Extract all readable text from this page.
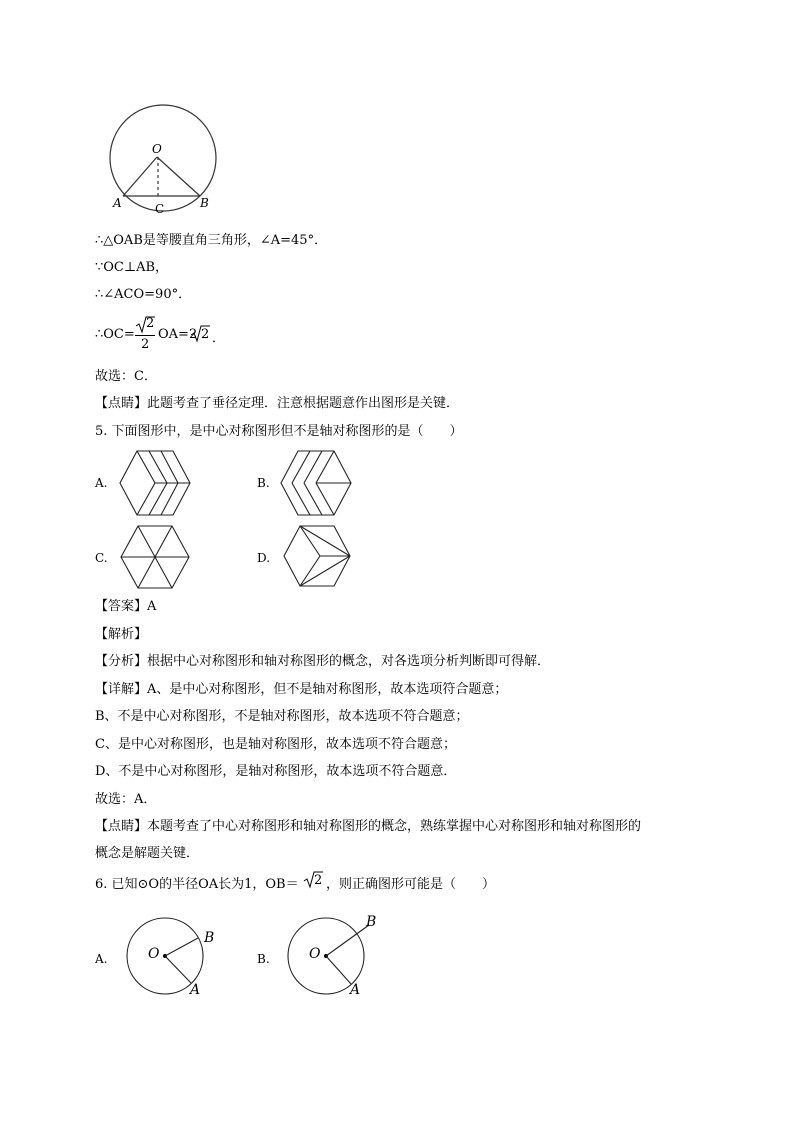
O
A	B
C
∴△OAB是等腰直角三角形，∠A=45°．
∵OC⊥AB，
∴∠ACO=90°．
∴OC=
2
2
OA=2 2 ．
故选：C．
【点睛】此题考查了垂径定理．注意根据题意作出图形是关键．
5. 下面图形中，是中心对称图形但不是轴对称图形的是（　　）
A.	B.
C.	D.
【答案】A
【解析】
【分析】根据中心对称图形和轴对称图形的概念，对各选项分析判断即可得解．
【详解】A、是中心对称图形，但不是轴对称图形，故本选项符合题意；
B、不是中心对称图形，不是轴对称图形，故本选项不符合题意；
C、是中心对称图形，也是轴对称图形，故本选项不符合题意；
D、不是中心对称图形，是轴对称图形，故本选项不符合题意．
故选：A．
【点睛】本题考查了中心对称图形和轴对称图形的概念，熟练掌握中心对称图形和轴对称图形的
概念是解题关键．
6. 已知⊙O的半径OA长为1，OB＝ 2 ，则正确图形可能是（　　）
A.	O
B
A
B.	O
B
A
